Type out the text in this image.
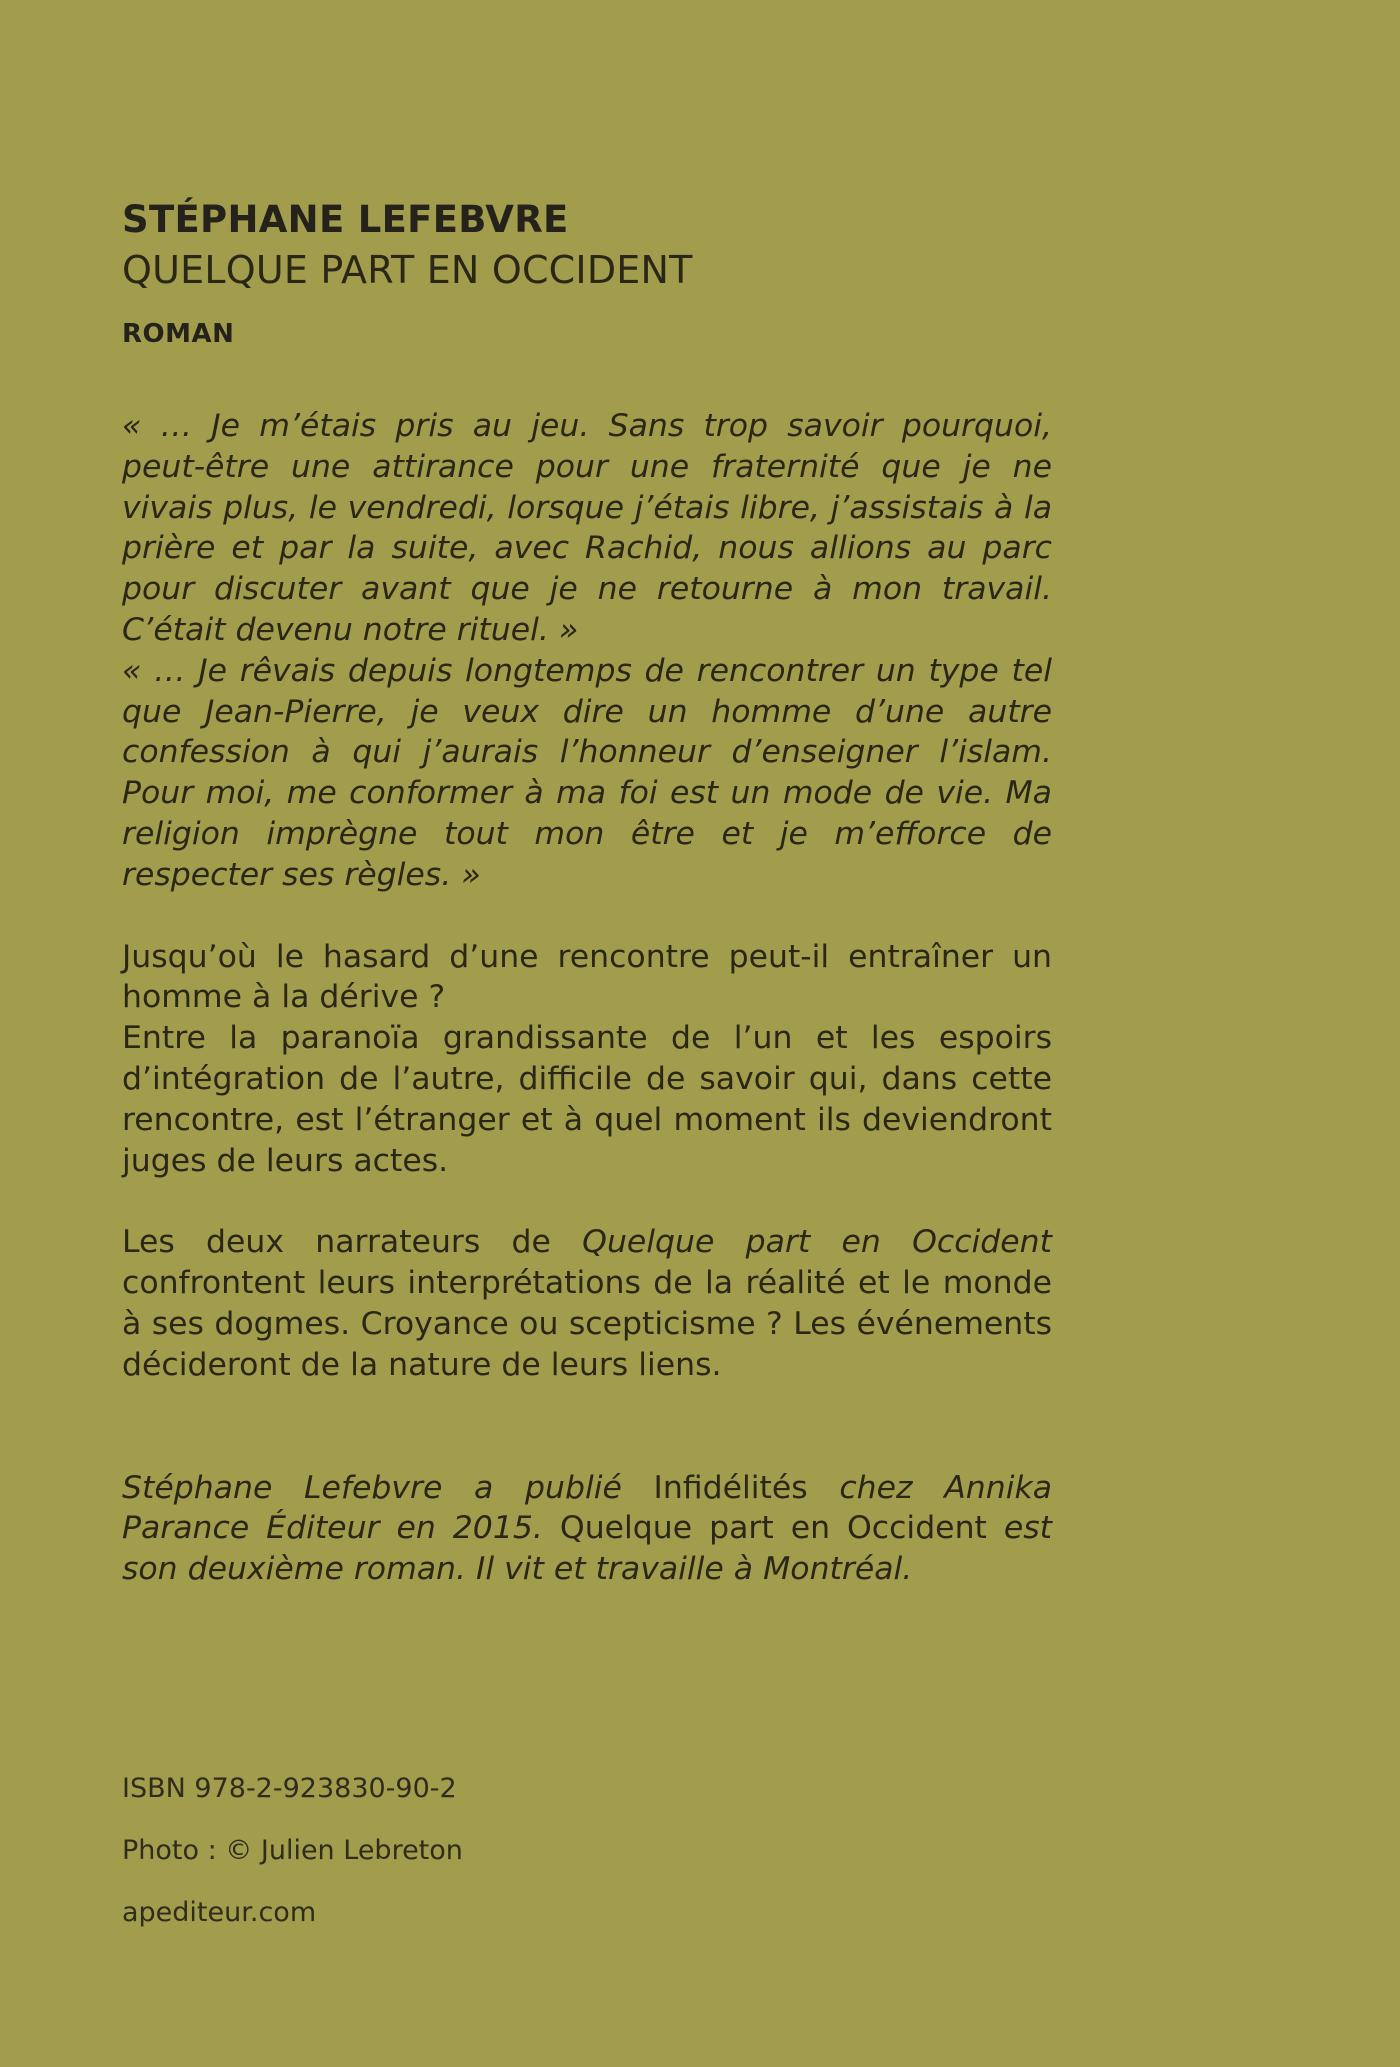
STÉPHANE LEFEBVRE
QUELQUE PART EN OCCIDENT
ROMAN

« … Je m’étais pris au jeu. Sans trop savoir pourquoi, peut-être une attirance pour une fraternité que je ne vivais plus, le vendredi, lorsque j’étais libre, j’assistais à la prière et par la suite, avec Rachid, nous allions au parc pour discuter avant que je ne retourne à mon travail. C’était devenu notre rituel. »

« … Je rêvais depuis longtemps de rencontrer un type tel que Jean-Pierre, je veux dire un homme d’une autre confession à qui j’aurais l’honneur d’enseigner l’islam. Pour moi, me conformer à ma foi est un mode de vie. Ma religion imprègne tout mon être et je m’efforce de respecter ses règles. »

Jusqu’où le hasard d’une rencontre peut-il entraîner un homme à la dérive ?

Entre la paranoïa grandissante de l’un et les espoirs d’intégration de l’autre, difficile de savoir qui, dans cette rencontre, est l’étranger et à quel moment ils deviendront juges de leurs actes.

Les deux narrateurs de Quelque part en Occident confrontent leurs interprétations de la réalité et le monde à ses dogmes. Croyance ou scepticisme ? Les événements décideront de la nature de leurs liens.

Stéphane Lefebvre a publié Infidélités chez Annika Parance Éditeur en 2015. Quelque part en Occident est son deuxième roman. Il vit et travaille à Montréal.

ISBN 978-2-923830-90-2
Photo : © Julien Lebreton
apediteur.com
